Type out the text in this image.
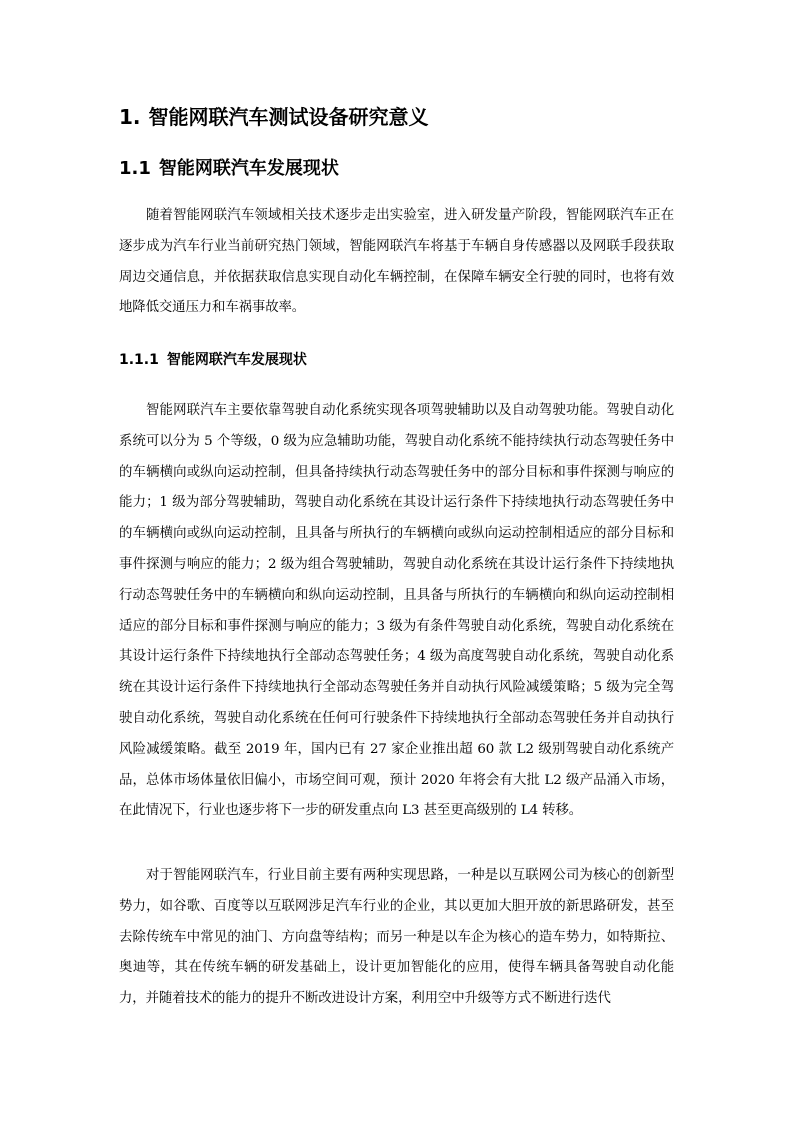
1. 智能网联汽车测试设备研究意义
1.1 智能网联汽车发展现状

随着智能网联汽车领域相关技术逐步走出实验室，进入研发量产阶段，智能网联汽车正在逐步成为汽车行业当前研究热门领域，智能网联汽车将基于车辆自身传感器以及网联手段获取周边交通信息，并依据获取信息实现自动化车辆控制，在保障车辆安全行驶的同时，也将有效地降低交通压力和车祸事故率。

1.1.1 智能网联汽车发展现状

智能网联汽车主要依靠驾驶自动化系统实现各项驾驶辅助以及自动驾驶功能。驾驶自动化系统可以分为 5 个等级，0 级为应急辅助功能，驾驶自动化系统不能持续执行动态驾驶任务中的车辆横向或纵向运动控制，但具备持续执行动态驾驶任务中的部分目标和事件探测与响应的能力；1 级为部分驾驶辅助，驾驶自动化系统在其设计运行条件下持续地执行动态驾驶任务中的车辆横向或纵向运动控制，且具备与所执行的车辆横向或纵向运动控制相适应的部分目标和事件探测与响应的能力；2 级为组合驾驶辅助，驾驶自动化系统在其设计运行条件下持续地执行动态驾驶任务中的车辆横向和纵向运动控制，且具备与所执行的车辆横向和纵向运动控制相适应的部分目标和事件探测与响应的能力；3 级为有条件驾驶自动化系统，驾驶自动化系统在其设计运行条件下持续地执行全部动态驾驶任务；4 级为高度驾驶自动化系统，驾驶自动化系统在其设计运行条件下持续地执行全部动态驾驶任务并自动执行风险减缓策略；5 级为完全驾驶自动化系统，驾驶自动化系统在任何可行驶条件下持续地执行全部动态驾驶任务并自动执行风险减缓策略。截至 2019 年，国内已有 27 家企业推出超 60 款 L2 级别驾驶自动化系统产品，总体市场体量依旧偏小，市场空间可观，预计 2020 年将会有大批 L2 级产品涌入市场，在此情况下，行业也逐步将下一步的研发重点向 L3 甚至更高级别的 L4 转移。

对于智能网联汽车，行业目前主要有两种实现思路，一种是以互联网公司为核心的创新型势力，如谷歌、百度等以互联网涉足汽车行业的企业，其以更加大胆开放的新思路研发，甚至去除传统车中常见的油门、方向盘等结构；而另一种是以车企为核心的造车势力，如特斯拉、奥迪等，其在传统车辆的研发基础上，设计更加智能化的应用，使得车辆具备驾驶自动化能力，并随着技术的能力的提升不断改进设计方案，利用空中升级等方式不断进行迭代
